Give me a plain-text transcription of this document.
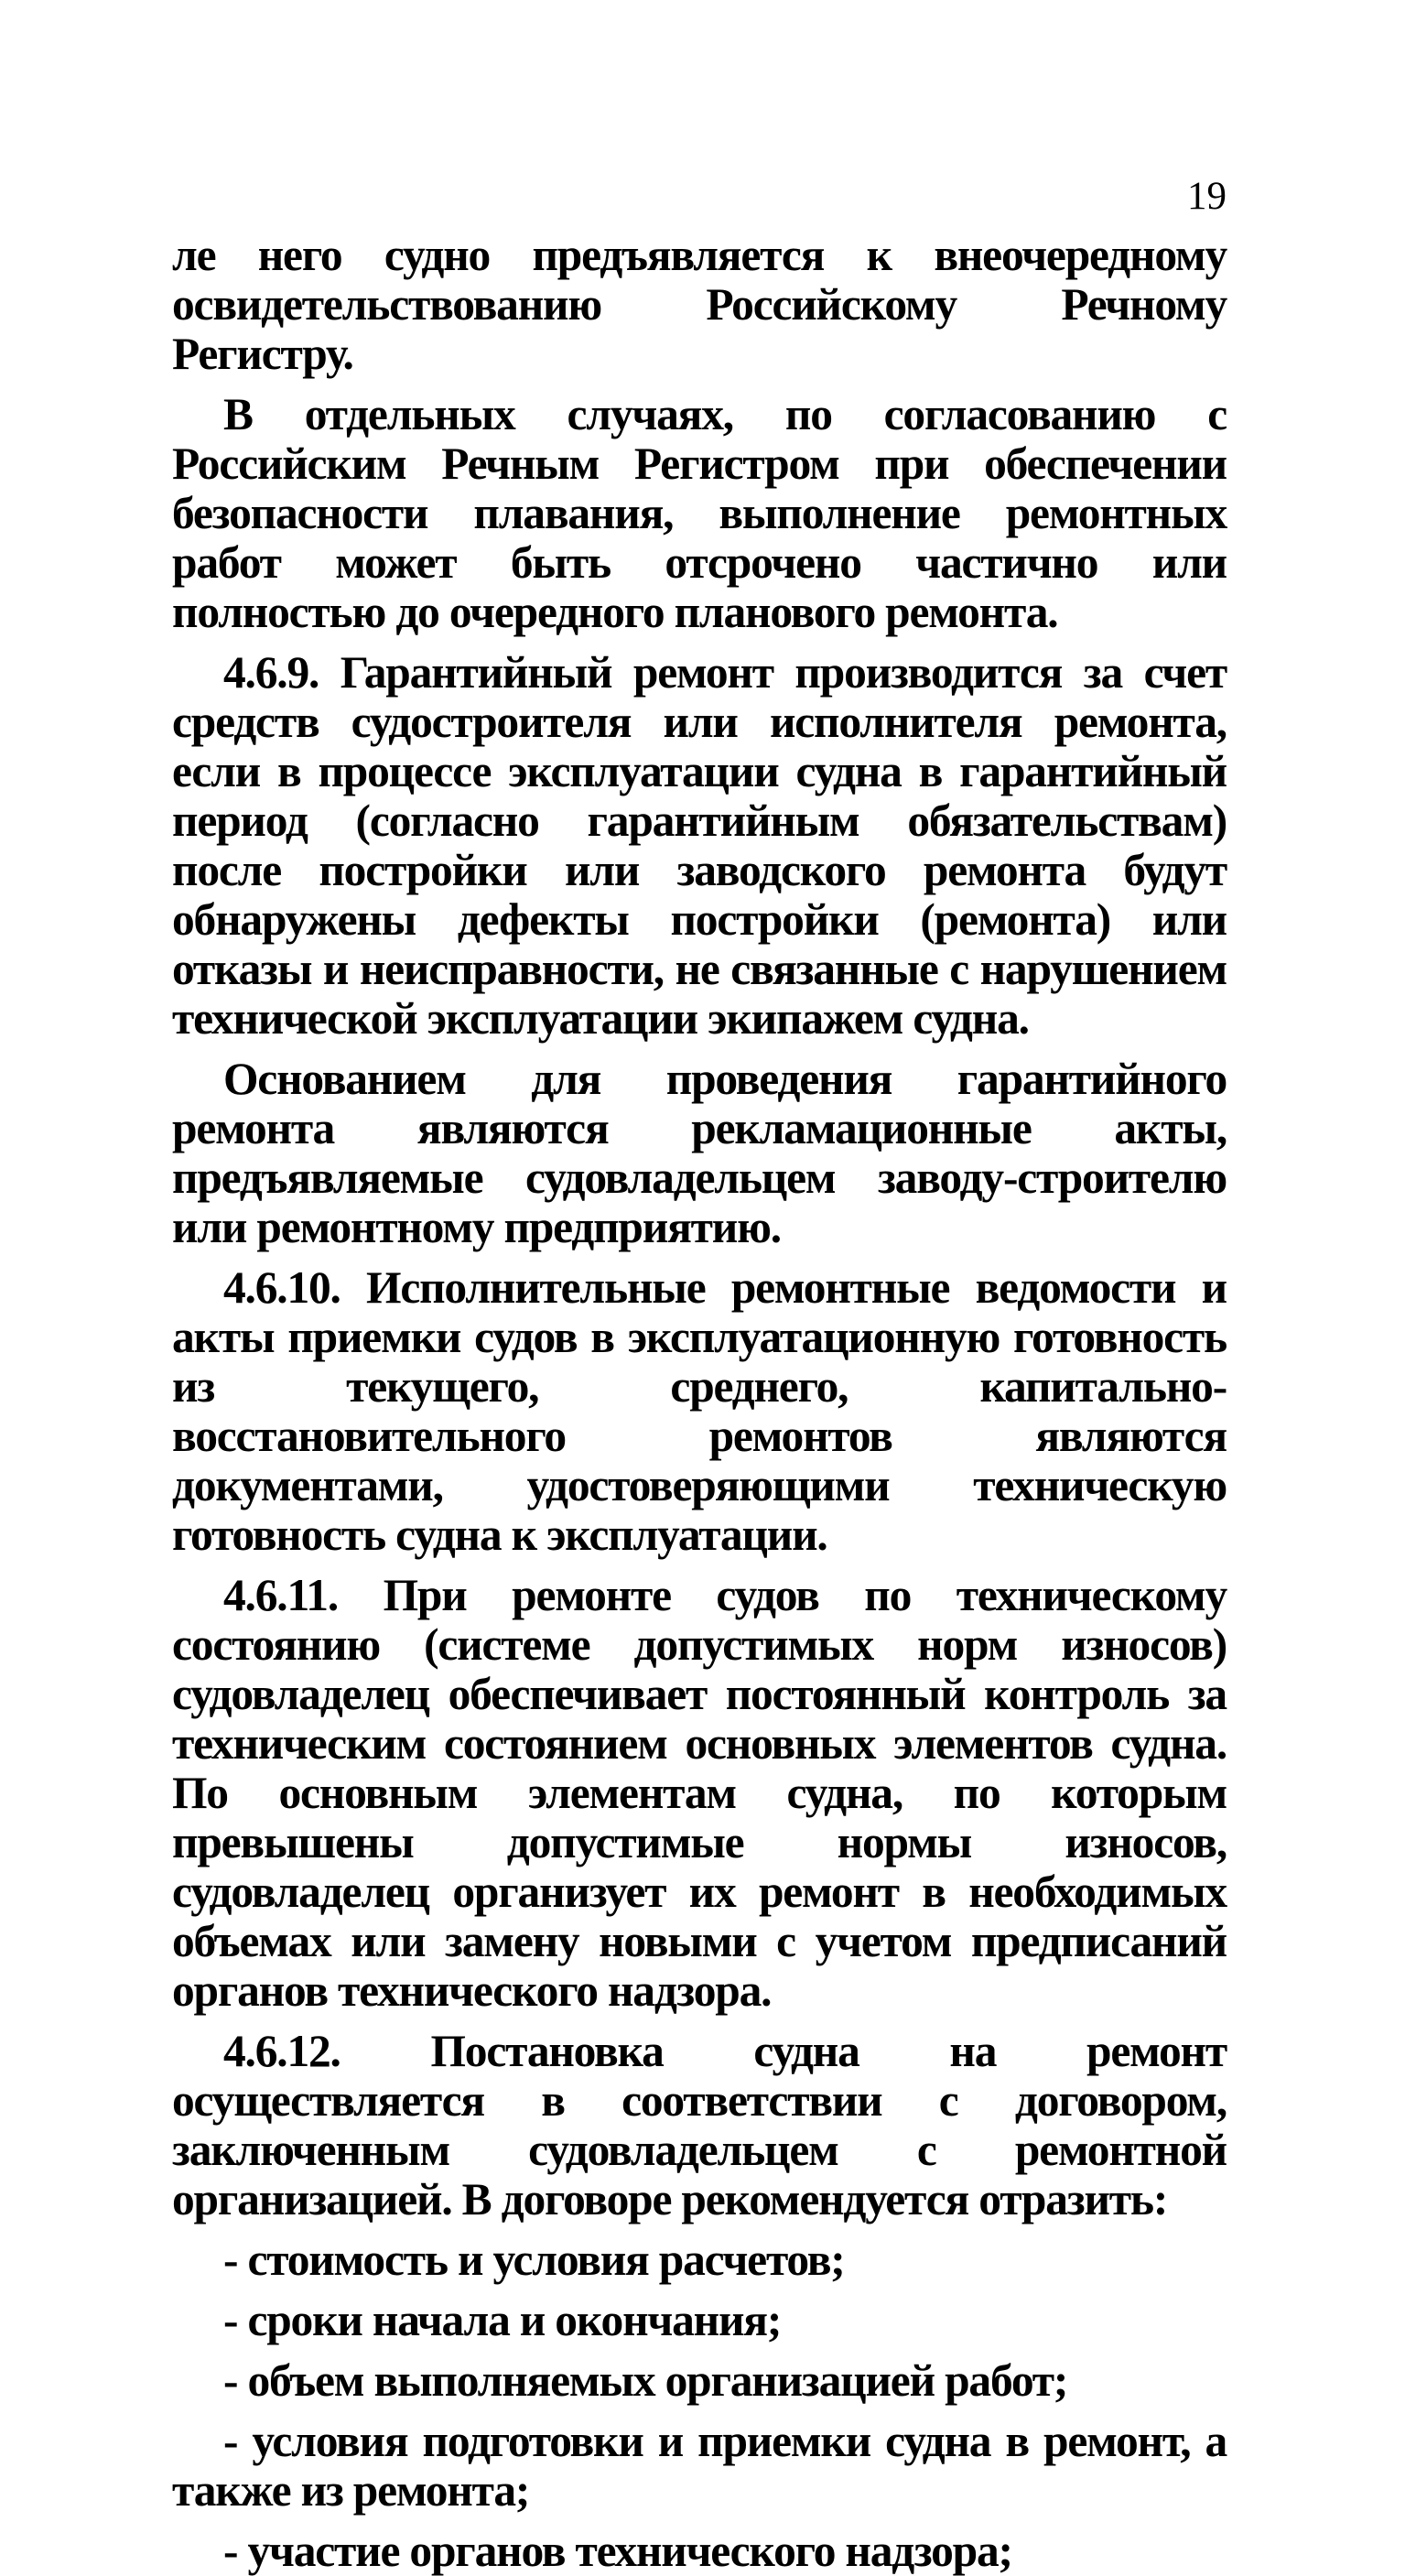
19

ле него судно предъявляется к внеочередному освидетельствованию Российскому Речному Регистру.

В отдельных случаях, по согласованию с Российским Речным Регистром при обеспечении безопасности плавания, выполнение ремонтных работ может быть отсрочено частично или полностью до очередного планового ремонта.

4.6.9. Гарантийный ремонт производится за счет средств судостроителя или исполнителя ремонта, если в процессе эксплуатации судна в гарантийный период (согласно гарантийным обязательствам) после постройки или заводского ремонта будут обнаружены дефекты постройки (ремонта) или отказы и неисправности, не связанные с нарушением технической эксплуатации экипажем судна.

Основанием для проведения гарантийного ремонта являются рекламационные акты, предъявляемые судовладельцем заводу-строителю или ремонтному предприятию.

4.6.10. Исполнительные ремонтные ведомости и акты приемки судов в эксплуатационную готовность из текущего, среднего, капитально-восстановительного ремонтов являются документами, удостоверяющими техническую готовность судна к эксплуатации.

4.6.11. При ремонте судов по техническому состоянию (системе допустимых норм износов) судовладелец обеспечивает постоянный контроль за техническим состоянием основных элементов судна. По основным элементам судна, по которым превышены допустимые нормы износов, судовладелец организует их ремонт в необходимых объемах или замену новыми с учетом предписаний органов технического надзора.

4.6.12. Постановка судна на ремонт осуществляется в соответствии с договором, заключенным судовладельцем с ремонтной организацией. В договоре рекомендуется отразить:

- стоимость и условия расчетов;
- сроки начала и окончания;
- объем выполняемых организацией работ;
- условия подготовки и приемки судна в ремонт, а также из ремонта;
- участие органов технического надзора;
